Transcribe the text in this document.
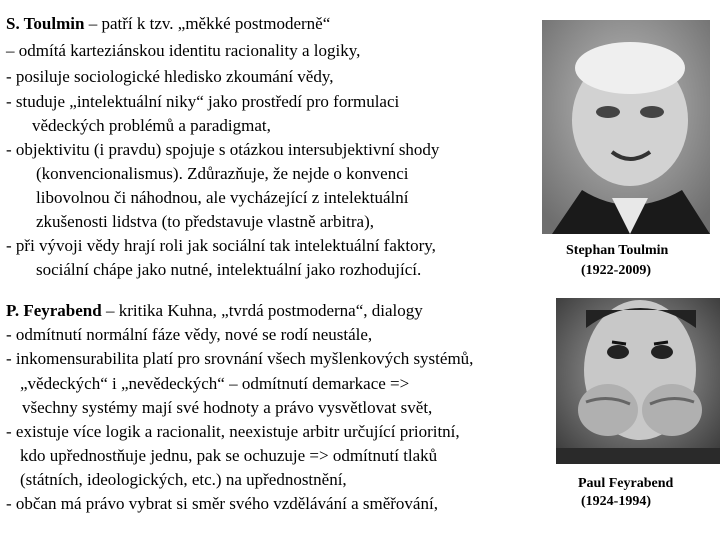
S. Toulmin – patří k tzv. „měkké postmoderně“
– odmítá karteziánskou identitu racionality a logiky,
- posiluje sociologické hledisko zkoumání vědy,
- studuje „intelektuální niky“ jako prostředí pro formulaci
vědeckých problémů a paradigmat,
- objektivitu (i pravdu) spojuje s otázkou intersubjektivní shody
(konvencionalismus). Zdůrazňuje, že nejde o konvenci
libovolnou či náhodnou, ale vycházející z intelektuální
zkušenosti lidstva (to představuje vlastně arbitra),
- při vývoji vědy hrají roli jak sociální tak intelektuální faktory,
sociální chápe jako nutné, intelektuální jako rozhodující.
Stephan Toulmin
(1922-2009)
P. Feyrabend – kritika Kuhna, „tvrdá postmoderna“, dialogy
- odmítnutí normální fáze vědy, nové se rodí neustále,
- inkomensurabilita platí pro srovnání všech myšlenkových systémů,
„vědeckých“ i „nevědeckých“ – odmítnutí demarkace =>
všechny systémy mají své hodnoty a právo vysvětlovat svět,
- existuje více logik a racionalit, neexistuje arbitr určující prioritní,
kdo upřednostňuje jednu, pak se ochuzuje => odmítnutí tlaků
(státních, ideologických, etc.) na upřednostnění,
- občan má právo vybrat si směr svého vzdělávání a směřování,
Paul Feyrabend
(1924-1994)
